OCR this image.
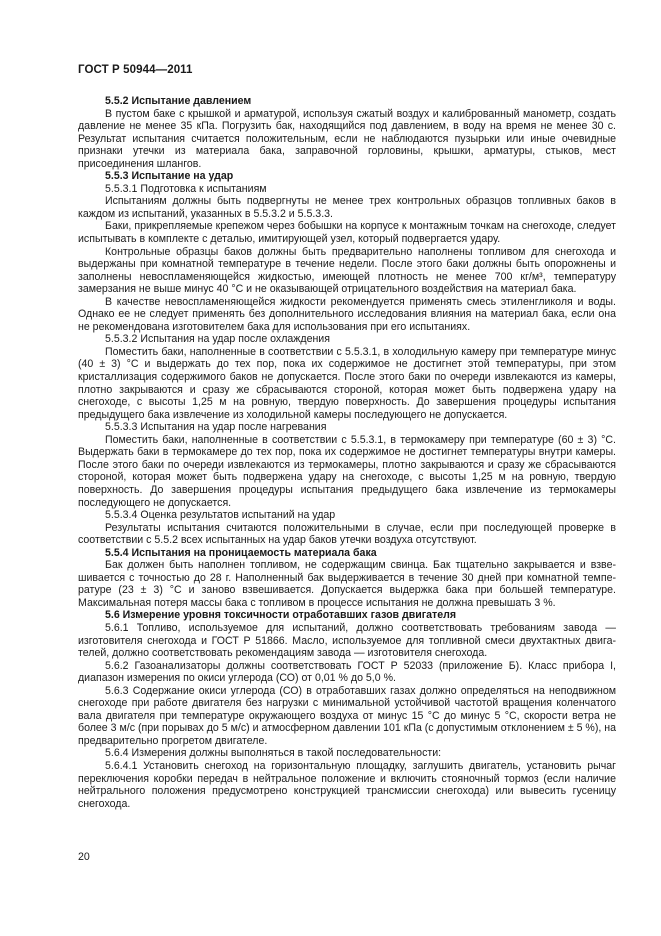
ГОСТ Р 50944—2011

5.5.2 Испытание давлением

В пустом баке с крышкой и арматурой, используя сжатый воздух и калиброванный манометр, создать давление не менее 35 кПа. Погрузить бак, находящийся под давлением, в воду на время не менее 30 с. Результат испытания считается положительным, если не наблюдаются пузырьки или иные очевидные признаки утечки из материала бака, заправочной горловины, крышки, арматуры, стыков, мест присоединения шлангов.

5.5.3 Испытание на удар

5.5.3.1 Подготовка к испытаниям

Испытаниям должны быть подвергнуты не менее трех контрольных образцов топливных баков в каждом из испытаний, указанных в 5.5.3.2 и 5.5.3.3.

Баки, прикрепляемые крепежом через бобышки на корпусе к монтажным точкам на снегоходе, следует испытывать в комплекте с деталью, имитирующей узел, который подвергается удару.

Контрольные образцы баков должны быть предварительно наполнены топливом для снегохода и выдержаны при комнатной температуре в течение недели. После этого баки должны быть опорожнены и заполнены невоспламеняющейся жидкостью, имеющей плотность не менее 700 кг/м³, температуру замерзания не выше минус 40 °С и не оказывающей отрицательного воздействия на материал бака.

В качестве невоспламеняющейся жидкости рекомендуется применять смесь этиленгликоля и воды. Однако ее не следует применять без дополнительного исследования влияния на материал бака, если она не рекомендована изготовителем бака для использования при его испытаниях.

5.5.3.2 Испытания на удар после охлаждения

Поместить баки, наполненные в соответствии с 5.5.3.1, в холодильную камеру при температуре минус (40 ± 3) °С и выдержать до тех пор, пока их содержимое не достигнет этой температуры, при этом кристаллизация содержимого баков не допускается. После этого баки по очереди извлекаются из камеры, плотно закрываются и сразу же сбрасываются стороной, которая может быть подвержена удару на снегоходе, с высоты 1,25 м на ровную, твердую поверхность. До завершения процедуры испытания предыдущего бака извлечение из холодильной камеры последующего не допускается.

5.5.3.3 Испытания на удар после нагревания

Поместить баки, наполненные в соответствии с 5.5.3.1, в термокамеру при температуре (60 ± 3) °С. Выдержать баки в термокамере до тех пор, пока их содержимое не достигнет температуры внутри камеры. После этого баки по очереди извлекаются из термокамеры, плотно закрываются и сразу же сбрасываются стороной, которая может быть подвержена удару на снегоходе, с высоты 1,25 м на ровную, твердую поверхность. До завершения процедуры испытания предыдущего бака извлечение из термокамеры последующего не допускается.

5.5.3.4 Оценка результатов испытаний на удар

Результаты испытания считаются положительными в случае, если при последующей проверке в соответствии с 5.5.2 всех испытанных на удар баков утечки воздуха отсутствуют.

5.5.4 Испытания на проницаемость материала бака

Бак должен быть наполнен топливом, не содержащим свинца. Бак тщательно закрывается и взвешивается с точностью до 28 г. Наполненный бак выдерживается в течение 30 дней при комнатной температуре (23 ± 3) °С и заново взвешивается. Допускается выдержка бака при большей температуре. Максимальная потеря массы бака с топливом в процессе испытания не должна превышать 3 %.

5.6 Измерение уровня токсичности отработавших газов двигателя

5.6.1 Топливо, используемое для испытаний, должно соответствовать требованиям завода — изготовителя снегохода и ГОСТ Р 51866. Масло, используемое для топливной смеси двухтактных двигателей, должно соответствовать рекомендациям завода — изготовителя снегохода.

5.6.2 Газоанализаторы должны соответствовать ГОСТ Р 52033 (приложение Б). Класс прибора I, диапазон измерения по окиси углерода (СО) от 0,01 % до 5,0 %.

5.6.3 Содержание окиси углерода (СО) в отработавших газах должно определяться на неподвижном снегоходе при работе двигателя без нагрузки с минимальной устойчивой частотой вращения коленчатого вала двигателя при температуре окружающего воздуха от минус 15 °С до минус 5 °С, скорости ветра не более 3 м/с (при порывах до 5 м/с) и атмосферном давлении 101 кПа (с допустимым отклонением ± 5 %), на предварительно прогретом двигателе.

5.6.4 Измерения должны выполняться в такой последовательности:

5.6.4.1 Установить снегоход на горизонтальную площадку, заглушить двигатель, установить рычаг переключения коробки передач в нейтральное положение и включить стояночный тормоз (если наличие нейтрального положения предусмотрено конструкцией трансмиссии снегохода) или вывесить гусеницу снегохода.

20
